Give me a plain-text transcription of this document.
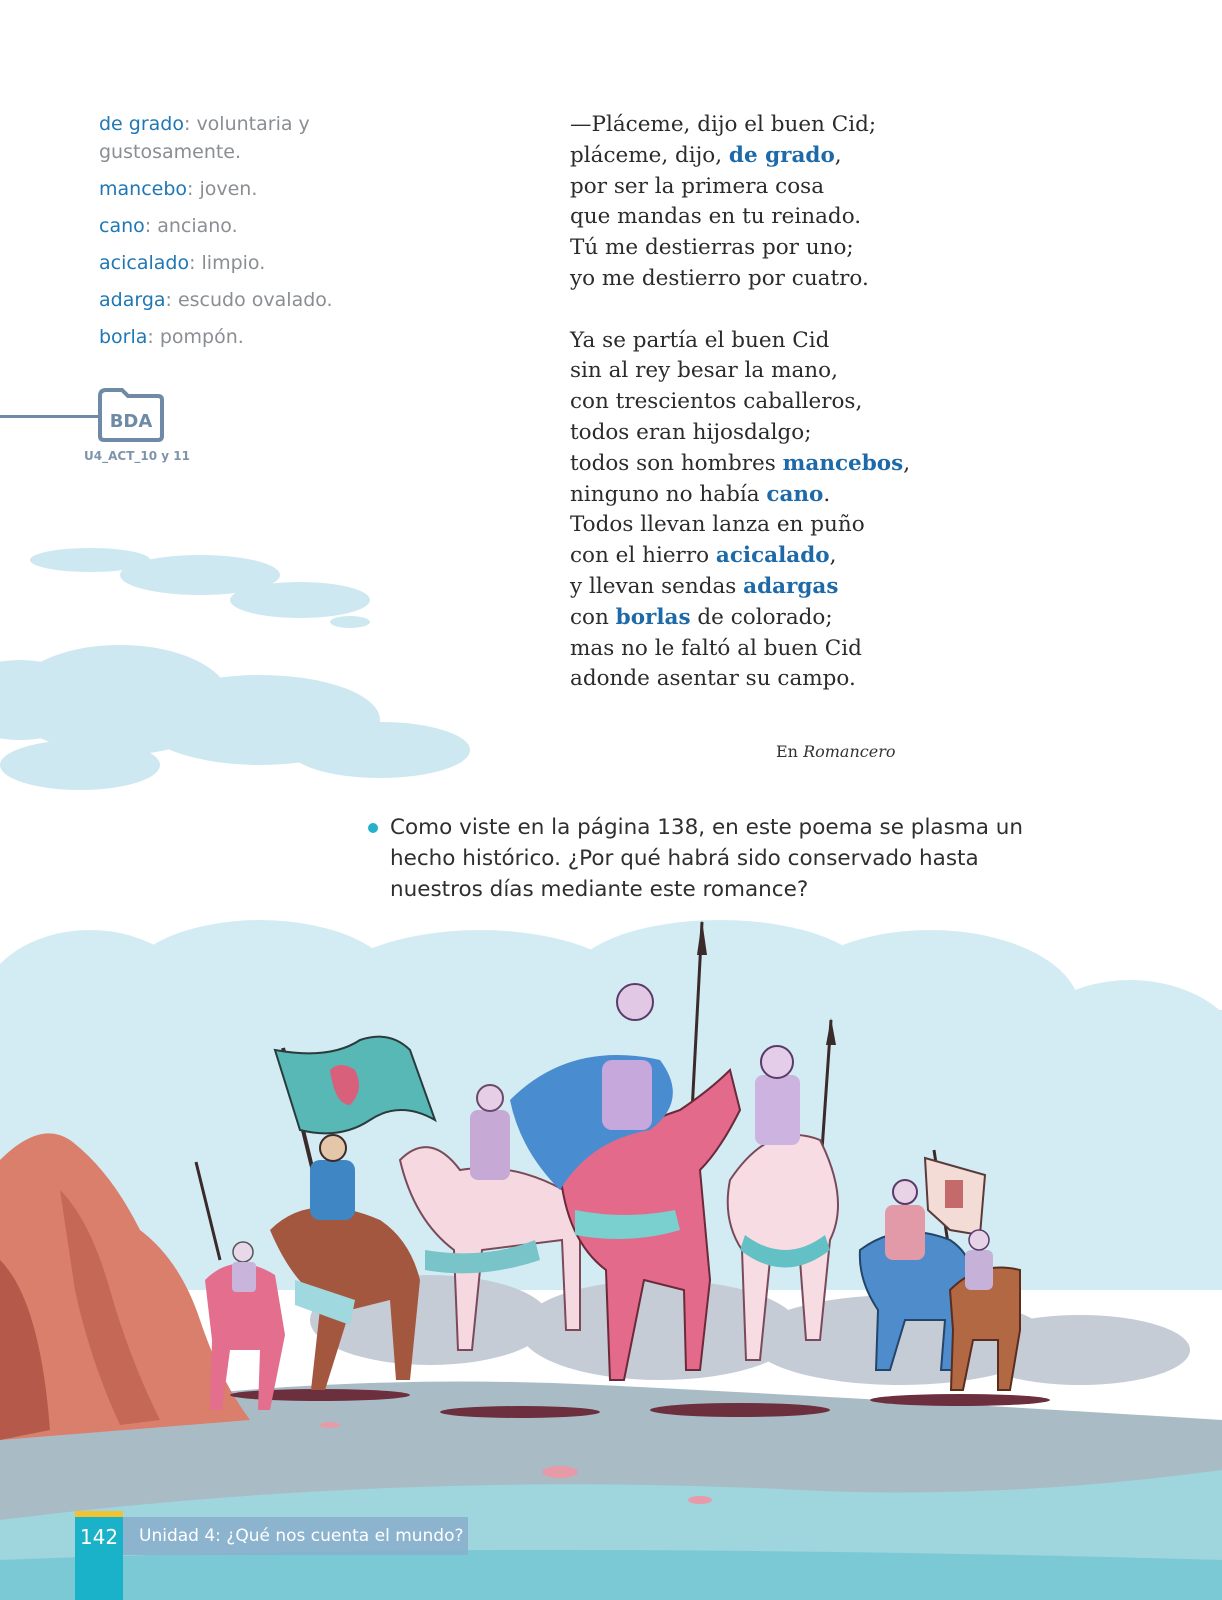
de grado: voluntaria y gustosamente.
mancebo: joven.
cano: anciano.
acicalado: limpio.
adarga: escudo ovalado.
borla: pompón.
BDA
U4_ACT_10 y 11
—Pláceme, dijo el buen Cid;
pláceme, dijo, de grado,
por ser la primera cosa
que mandas en tu reinado.
Tú me destierras por uno;
yo me destierro por cuatro.
Ya se partía el buen Cid
sin al rey besar la mano,
con trescientos caballeros,
todos eran hijosdalgo;
todos son hombres mancebos,
ninguno no había cano.
Todos llevan lanza en puño
con el hierro acicalado,
y llevan sendas adargas
con borlas de colorado;
mas no le faltó al buen Cid
adonde asentar su campo.
En Romancero
Como viste en la página 138, en este poema se plasma un hecho histórico. ¿Por qué habrá sido conservado hasta nuestros días mediante este romance?
142	Unidad 4: ¿Qué nos cuenta el mundo?
